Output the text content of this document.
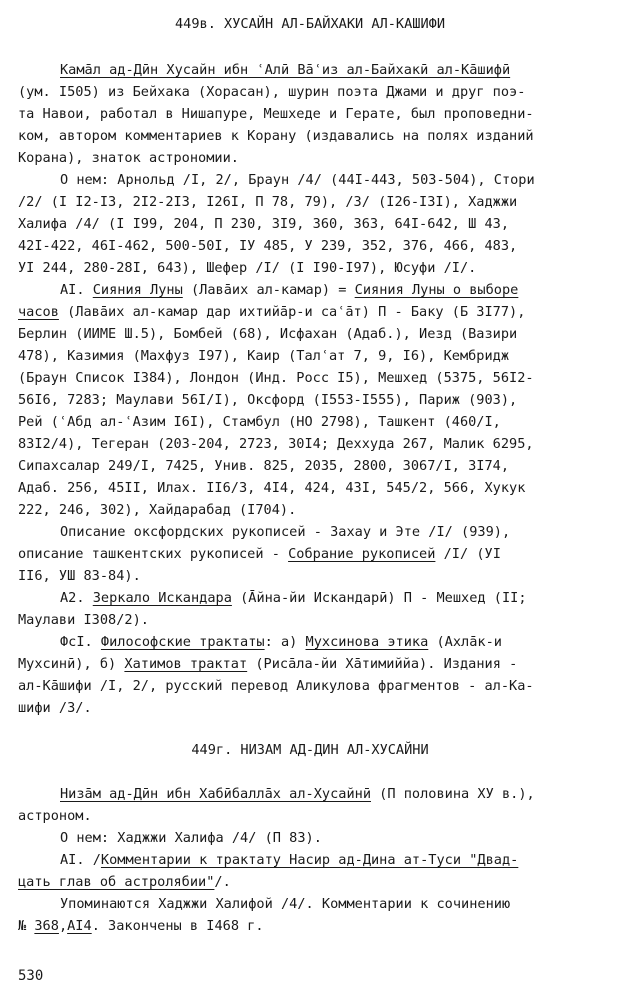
449в. ХУСАЙН АЛ-БАЙХАКИ АЛ-КАШИФИ
Камāл ад-Дӣн Хусайн ибн ʿАлӣ Вāʿиз ал-Байхакӣ ал-Кāшифӣ
(ум. I505) из Бейхака (Хорасан), шурин поэта Джами и друг поэ-
та Навои, работал в Нишапуре, Мешхеде и Герате, был проповедни-
ком, автором комментариев к Корану (издавались на полях изданий
Корана), знаток астрономии.
О нем: Арнольд /I, 2/, Браун /4/ (44I-443, 503-504), Стори
/2/ (I I2-I3, 2I2-2I3, I26I, П 78, 79), /3/ (I26-I3I), Хаджжи
Халифа /4/ (I I99, 204, П 230, 3I9, 360, 363, 64I-642, Ш 43,
42I-422, 46I-462, 500-50I, IУ 485, У 239, 352, 376, 466, 483,
УI 244, 280-28I, 643), Шефер /I/ (I I90-I97), Юсуфи /I/.
AI. Сияния Луны (Лавāих ал-камар) = Сияния Луны о выборе
часов (Лавāих ал-камар дар ихтийāр-и саʿāт) П - Баку (Б 3I77),
Берлин (ИИМЕ Ш.5), Бомбей (68), Исфахан (Адаб.), Иезд (Вазири
478), Казимия (Махфуз I97), Каир (Талʿат 7, 9, I6), Кембридж
(Браун Список I384), Лондон (Инд. Росс I5), Мешхед (5375, 56I2-
56I6, 7283; Маулави 56I/I), Оксфорд (I553-I555), Париж (903),
Рей (ʿАбд ал-ʿАзим I6I), Стамбул (НО 2798), Ташкент (460/I,
83I2/4), Тегеран (203-204, 2723, 30I4; Деххуда 267, Малик 6295,
Сипахсалар 249/I, 7425, Унив. 825, 2035, 2800, 3067/I, 3I74,
Адаб. 256, 45II, Илах. II6/3, 4I4, 424, 43I, 545/2, 566, Хукук
222, 246, 302), Хайдарабад (I704).
Описание оксфордских рукописей - Захау и Эте /I/ (939),
описание ташкентских рукописей - Собрание рукописей /I/ (УI
II6, УШ 83-84).
A2. Зеркало Искандара (Āйна-йи Искандарӣ) П - Мешхед (II;
Маулави I308/2).
ФсI. Философские трактаты: а) Мухсинова этика (Ахлāк-и
Мухсинӣ), б) Хатимов трактат (Рисāла-йи Хāтимиййа). Издания -
ал-Кāшифи /I, 2/, русский перевод Аликулова фрагментов - ал-Ка-
шифи /3/.
449г. НИЗАМ АД-ДИН АЛ-ХУСАЙНИ
Низāм ад-Дӣн ибн Хабӣбаллāх ал-Хусайнӣ (П половина ХУ в.),
астроном.
О нем: Хаджжи Халифа /4/ (П 83).
AI. /Комментарии к трактату Насир ад-Дина ат-Туси "Двад-
цать глав об астролябии"/.
Упоминаются Хаджжи Халифой /4/. Комментарии к сочинению
№ 368,AI4. Закончены в I468 г.
530
